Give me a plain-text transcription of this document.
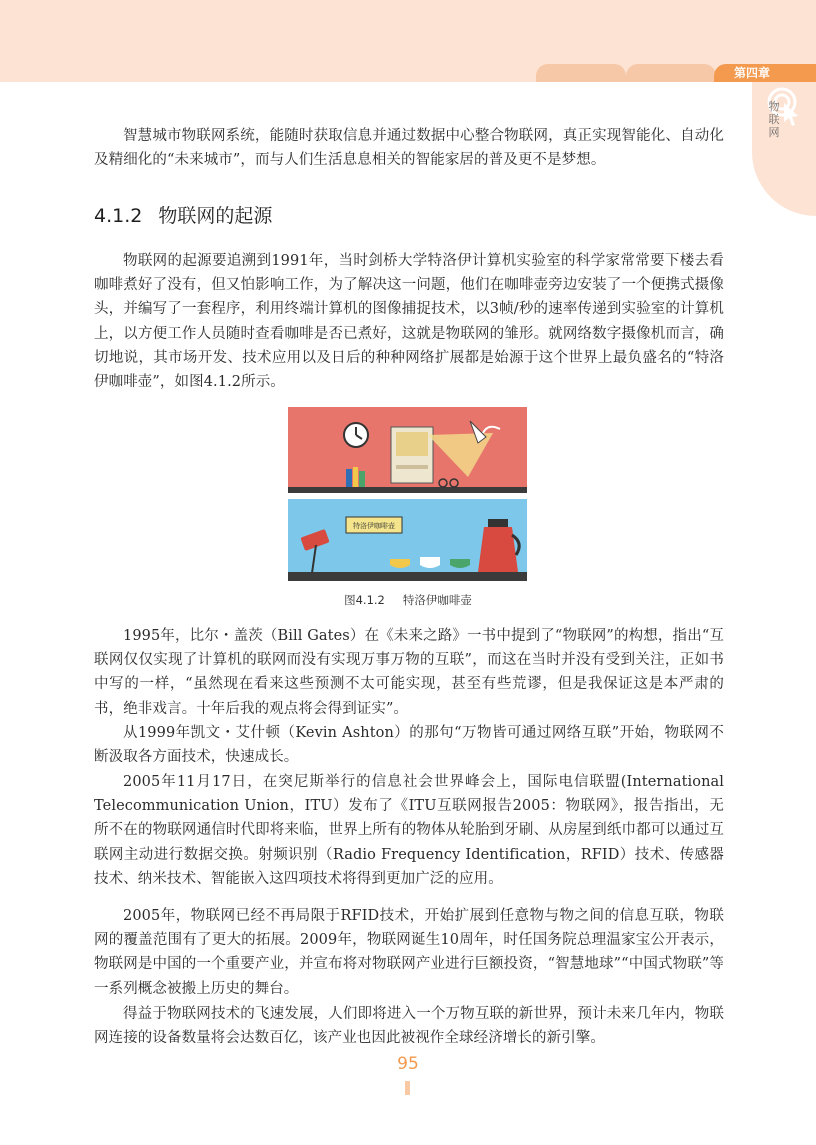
第四章
物联网

智慧城市物联网系统，能随时获取信息并通过数据中心整合物联网，真正实现智能化、自动化及精细化的“未来城市”，而与人们生活息息相关的智能家居的普及更不是梦想。

4.1.2 物联网的起源

物联网的起源要追溯到1991年，当时剑桥大学特洛伊计算机实验室的科学家常常要下楼去看咖啡煮好了没有，但又怕影响工作，为了解决这一问题，他们在咖啡壶旁边安装了一个便携式摄像头，并编写了一套程序，利用终端计算机的图像捕捉技术，以3帧/秒的速率传递到实验室的计算机上，以方便工作人员随时查看咖啡是否已煮好，这就是物联网的雏形。就网络数字摄像机而言，确切地说，其市场开发、技术应用以及日后的种种网络扩展都是始源于这个世界上最负盛名的“特洛伊咖啡壶”，如图4.1.2所示。

特洛伊咖啡壶
图4.1.2 特洛伊咖啡壶

1995年，比尔・盖茨（Bill Gates）在《未来之路》一书中提到了“物联网”的构想，指出“互联网仅仅实现了计算机的联网而没有实现万事万物的互联”，而这在当时并没有受到关注，正如书中写的一样，“虽然现在看来这些预测不太可能实现，甚至有些荒谬，但是我保证这是本严肃的书，绝非戏言。十年后我的观点将会得到证实”。

从1999年凯文・艾什顿（Kevin Ashton）的那句“万物皆可通过网络互联”开始，物联网不断汲取各方面技术，快速成长。

2005年11月17日，在突尼斯举行的信息社会世界峰会上，国际电信联盟(International Telecommunication Union，ITU）发布了《ITU互联网报告2005：物联网》，报告指出，无所不在的物联网通信时代即将来临，世界上所有的物体从轮胎到牙刷、从房屋到纸巾都可以通过互联网主动进行数据交换。射频识别（Radio Frequency Identification，RFID）技术、传感器技术、纳米技术、智能嵌入这四项技术将得到更加广泛的应用。

2005年，物联网已经不再局限于RFID技术，开始扩展到任意物与物之间的信息互联，物联网的覆盖范围有了更大的拓展。2009年，物联网诞生10周年，时任国务院总理温家宝公开表示，物联网是中国的一个重要产业，并宣布将对物联网产业进行巨额投资，“智慧地球”“中国式物联”等一系列概念被搬上历史的舞台。

得益于物联网技术的飞速发展，人们即将进入一个万物互联的新世界，预计未来几年内，物联网连接的设备数量将会达数百亿，该产业也因此被视作全球经济增长的新引擎。

95
